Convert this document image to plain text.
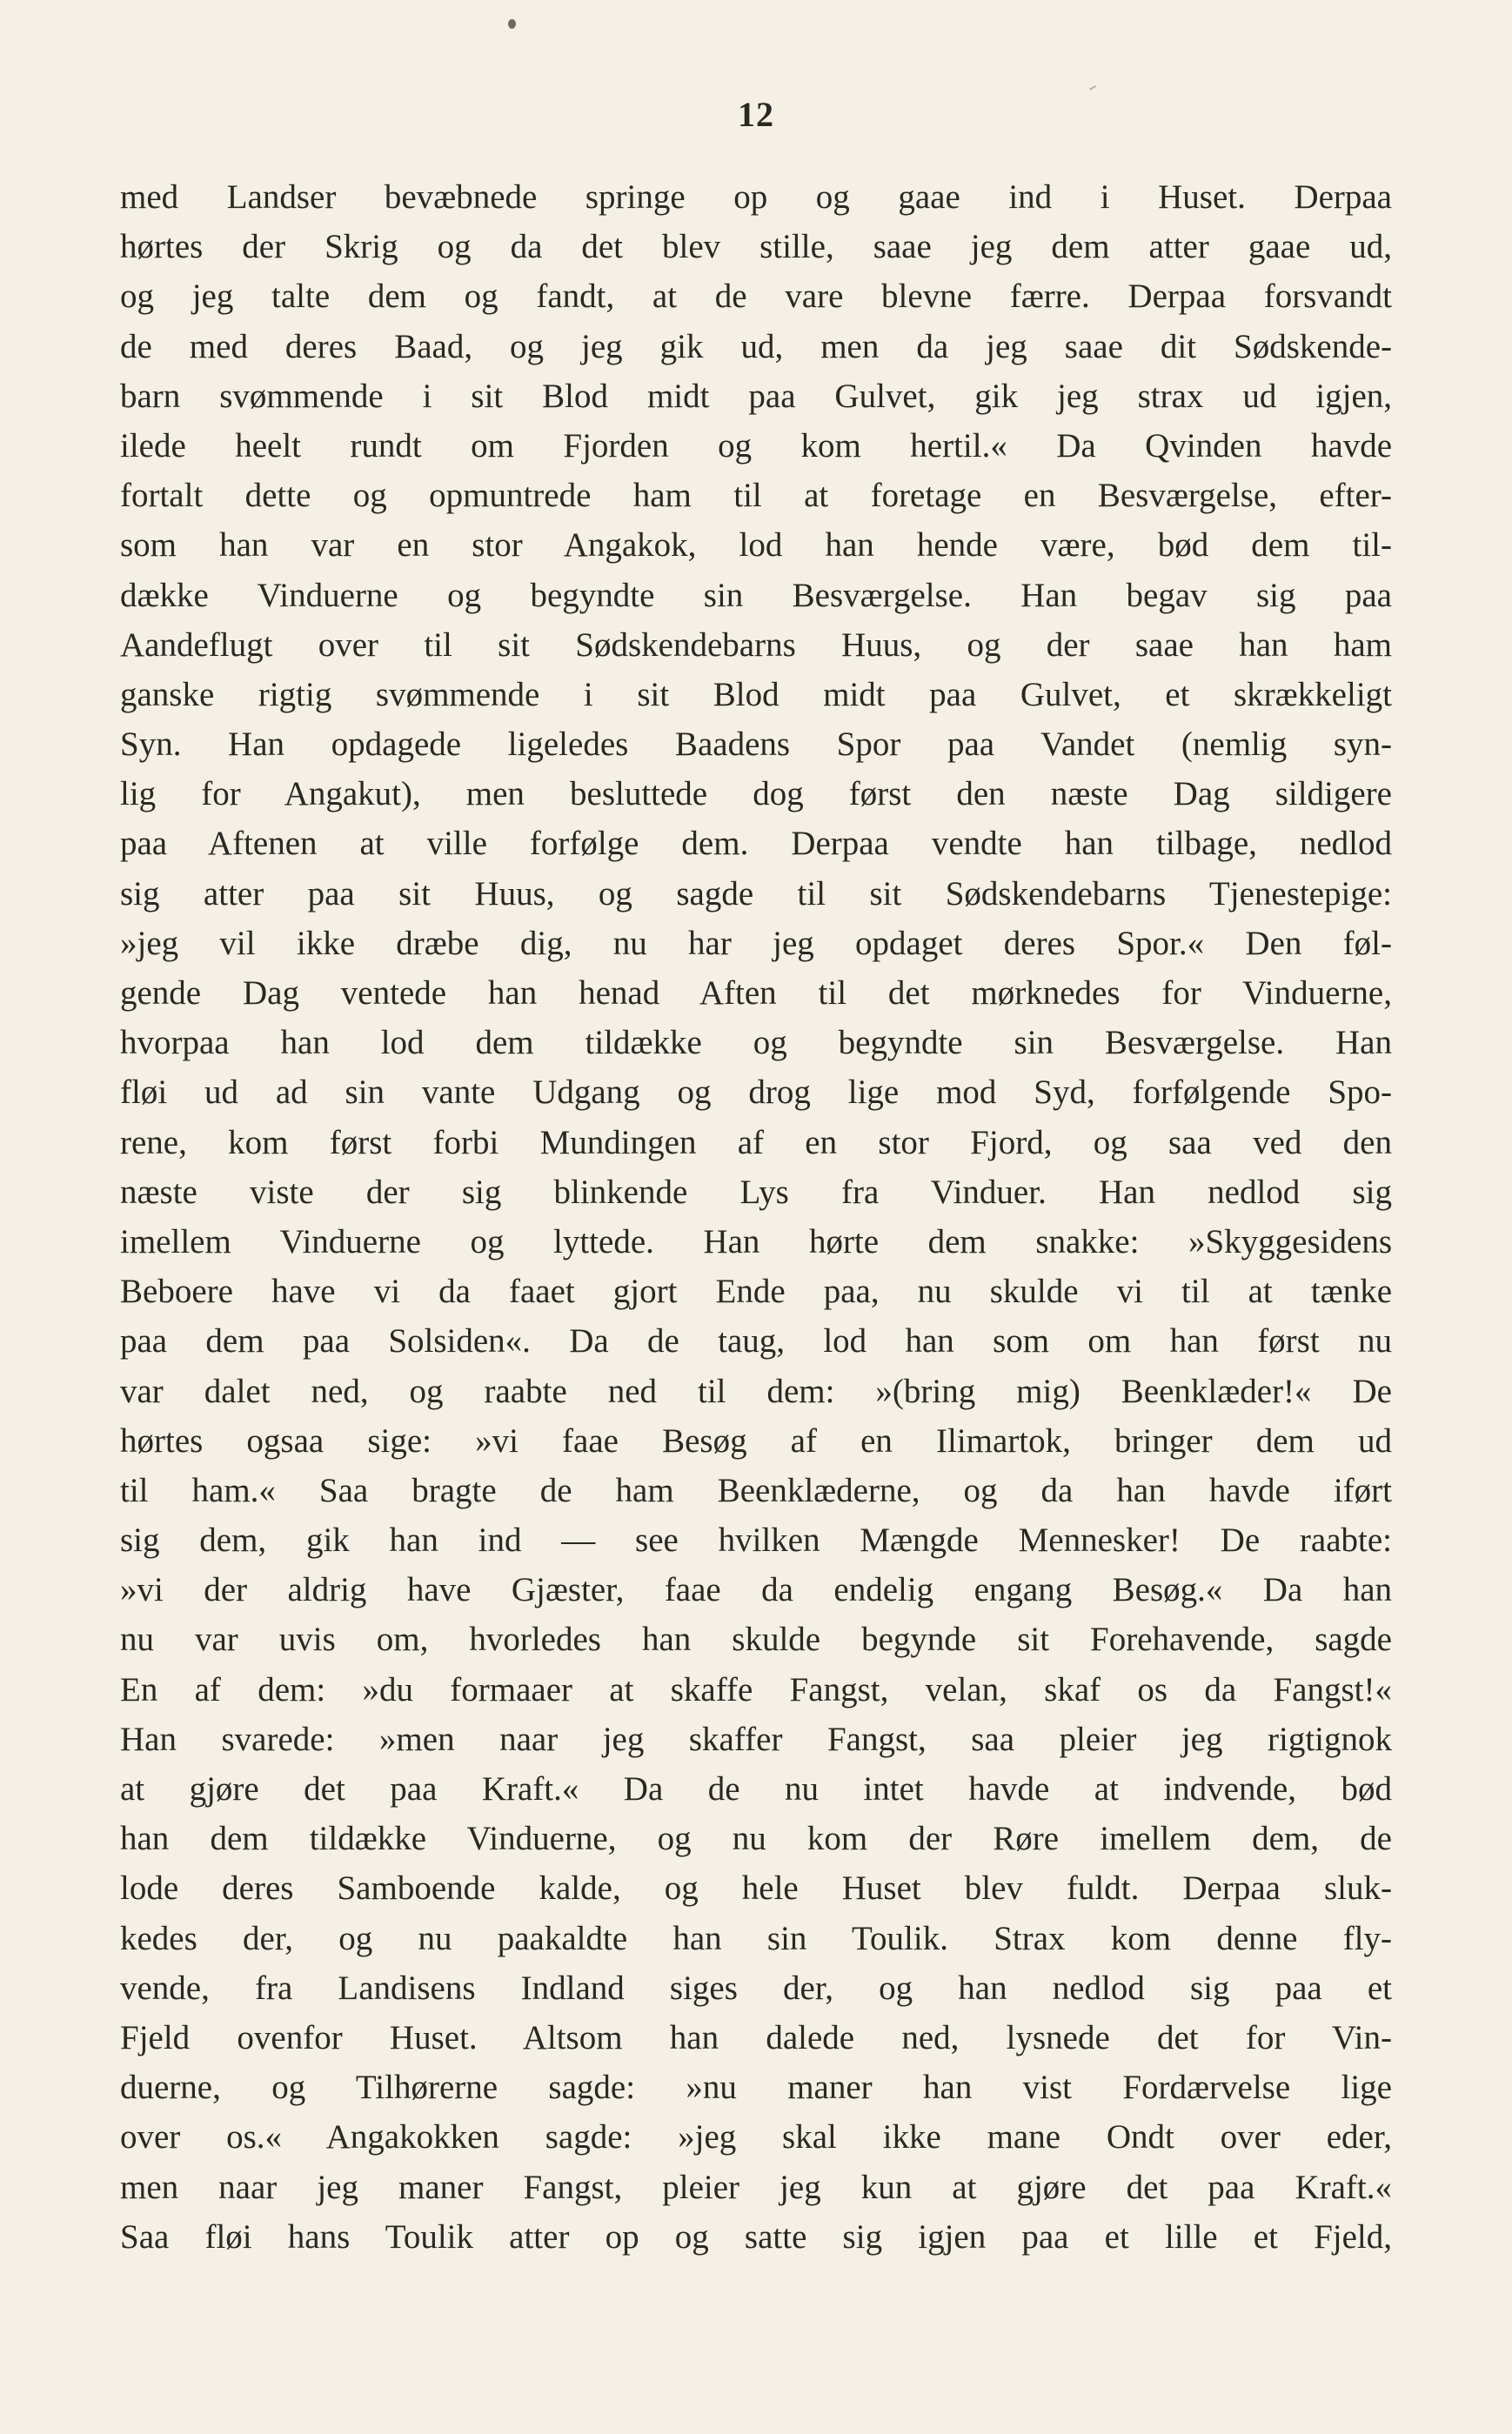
12
med Landser bevæbnede springe op og gaae ind i Huset. Derpaa
hørtes der Skrig og da det blev stille, saae jeg dem atter gaae ud,
og jeg talte dem og fandt, at de vare blevne færre. Derpaa forsvandt
de med deres Baad, og jeg gik ud, men da jeg saae dit Sødskende-
barn svømmende i sit Blod midt paa Gulvet, gik jeg strax ud igjen,
ilede heelt rundt om Fjorden og kom hertil.« Da Qvinden havde
fortalt dette og opmuntrede ham til at foretage en Besværgelse, efter-
som han var en stor Angakok, lod han hende være, bød dem til-
dække Vinduerne og begyndte sin Besværgelse. Han begav sig paa
Aandeflugt over til sit Sødskendebarns Huus, og der saae han ham
ganske rigtig svømmende i sit Blod midt paa Gulvet, et skrækkeligt
Syn. Han opdagede ligeledes Baadens Spor paa Vandet (nemlig syn-
lig for Angakut), men besluttede dog først den næste Dag sildigere
paa Aftenen at ville forfølge dem. Derpaa vendte han tilbage, nedlod
sig atter paa sit Huus, og sagde til sit Sødskendebarns Tjenestepige:
»jeg vil ikke dræbe dig, nu har jeg opdaget deres Spor.« Den føl-
gende Dag ventede han henad Aften til det mørknedes for Vinduerne,
hvorpaa han lod dem tildække og begyndte sin Besværgelse. Han
fløi ud ad sin vante Udgang og drog lige mod Syd, forfølgende Spo-
rene, kom først forbi Mundingen af en stor Fjord, og saa ved den
næste viste der sig blinkende Lys fra Vinduer. Han nedlod sig
imellem Vinduerne og lyttede. Han hørte dem snakke: »Skyggesidens
Beboere have vi da faaet gjort Ende paa, nu skulde vi til at tænke
paa dem paa Solsiden«. Da de taug, lod han som om han først nu
var dalet ned, og raabte ned til dem: »(bring mig) Beenklæder!« De
hørtes ogsaa sige: »vi faae Besøg af en Ilimartok, bringer dem ud
til ham.« Saa bragte de ham Beenklæderne, og da han havde iført
sig dem, gik han ind — see hvilken Mængde Mennesker! De raabte:
»vi der aldrig have Gjæster, faae da endelig engang Besøg.« Da han
nu var uvis om, hvorledes han skulde begynde sit Forehavende, sagde
En af dem: »du formaaer at skaffe Fangst, velan, skaf os da Fangst!«
Han svarede: »men naar jeg skaffer Fangst, saa pleier jeg rigtignok
at gjøre det paa Kraft.« Da de nu intet havde at indvende, bød
han dem tildække Vinduerne, og nu kom der Røre imellem dem, de
lode deres Samboende kalde, og hele Huset blev fuldt. Derpaa sluk-
kedes der, og nu paakaldte han sin Toulik. Strax kom denne fly-
vende, fra Landisens Indland siges der, og han nedlod sig paa et
Fjeld ovenfor Huset. Altsom han dalede ned, lysnede det for Vin-
duerne, og Tilhørerne sagde: »nu maner han vist Fordærvelse lige
over os.« Angakokken sagde: »jeg skal ikke mane Ondt over eder,
men naar jeg maner Fangst, pleier jeg kun at gjøre det paa Kraft.«
Saa fløi hans Toulik atter op og satte sig igjen paa et lille et Fjeld,
